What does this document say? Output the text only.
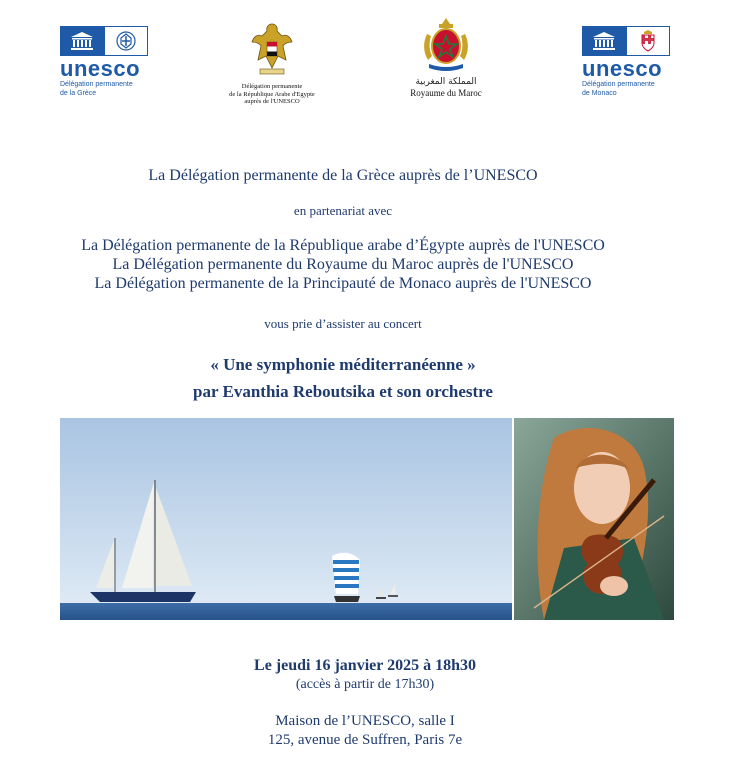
unesco
Délégation permanente
de la Grèce
Délégation permanente
de la République Arabe d'Egypte
auprès de l'UNESCO
المملكة المغربية
Royaume du Maroc
unesco
Délégation permanente
de Monaco
La Délégation permanente de la Grèce auprès de l’UNESCO
en partenariat avec
La Délégation permanente de la République arabe d’Égypte auprès de l'UNESCO
La Délégation permanente du Royaume du Maroc auprès de l'UNESCO
La Délégation permanente de la Principauté de Monaco auprès de l'UNESCO
vous prie d’assister au concert
« Une symphonie méditerranéenne »
par Evanthia Reboutsika et son orchestre
Le jeudi 16 janvier 2025 à 18h30
(accès à partir de 17h30)
Maison de l’UNESCO, salle I
125, avenue de Suffren, Paris 7e
